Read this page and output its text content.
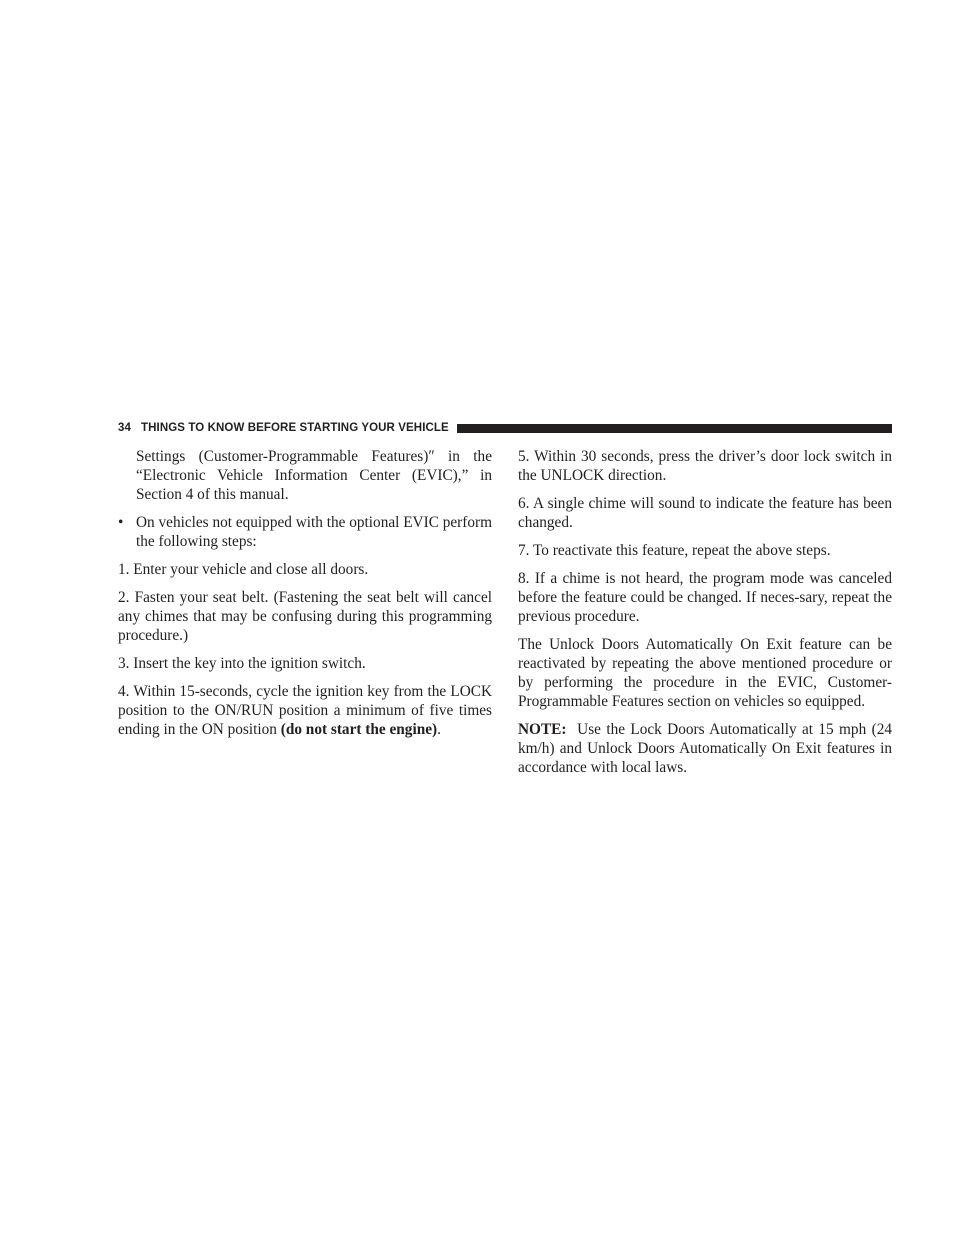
34 THINGS TO KNOW BEFORE STARTING YOUR VEHICLE

Settings (Customer-Programmable Features)″ in the “Electronic Vehicle Information Center (EVIC),” in Section 4 of this manual.

• On vehicles not equipped with the optional EVIC perform the following steps:

1. Enter your vehicle and close all doors.

2. Fasten your seat belt. (Fastening the seat belt will cancel any chimes that may be confusing during this programming procedure.)

3. Insert the key into the ignition switch.

4. Within 15-seconds, cycle the ignition key from the LOCK position to the ON/RUN position a minimum of five times ending in the ON position (do not start the engine).

5. Within 30 seconds, press the driver’s door lock switch in the UNLOCK direction.

6. A single chime will sound to indicate the feature has been changed.

7. To reactivate this feature, repeat the above steps.

8. If a chime is not heard, the program mode was canceled before the feature could be changed. If neces-sary, repeat the previous procedure.

The Unlock Doors Automatically On Exit feature can be reactivated by repeating the above mentioned procedure or by performing the procedure in the EVIC, Customer-Programmable Features section on vehicles so equipped.

NOTE:  Use the Lock Doors Automatically at 15 mph (24 km/h) and Unlock Doors Automatically On Exit features in accordance with local laws.
